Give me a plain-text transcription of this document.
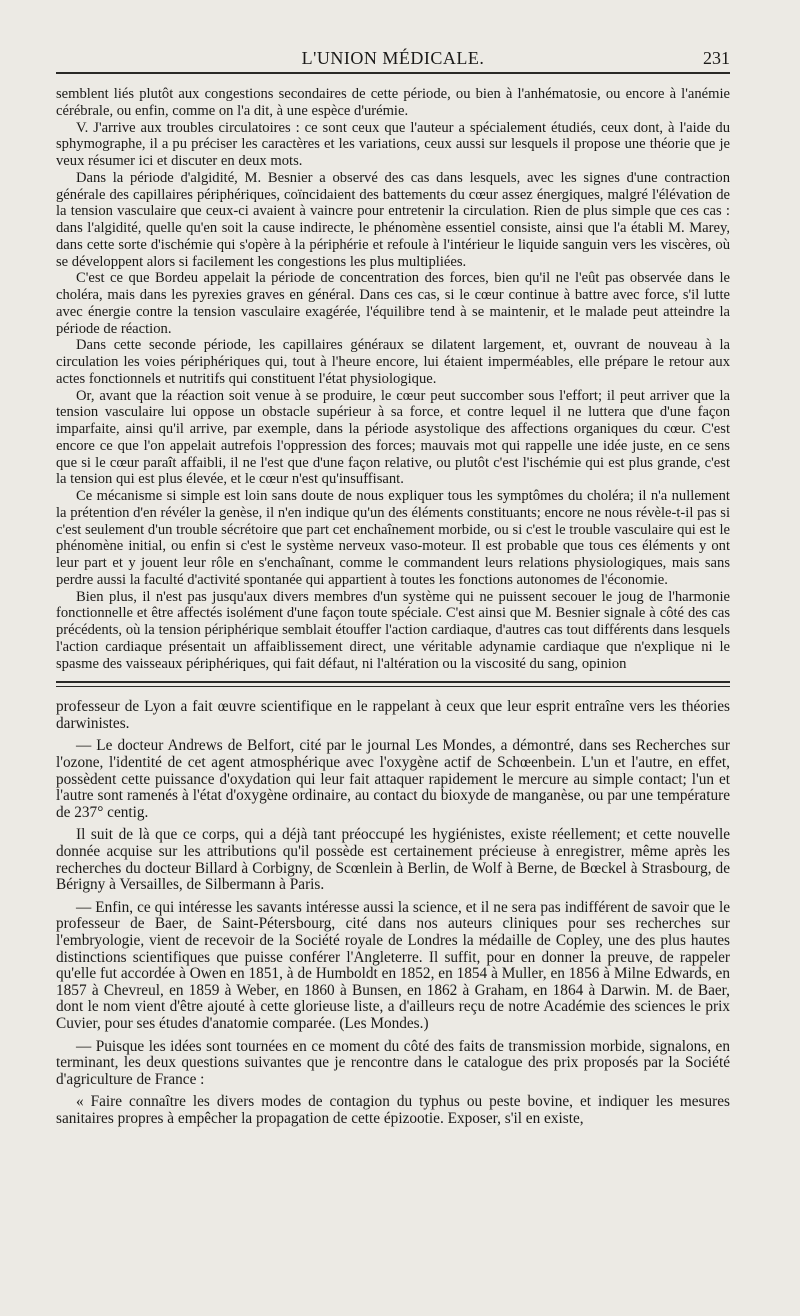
L'UNION MÉDICALE.	231

semblent liés plutôt aux congestions secondaires de cette période, ou bien à l'anhématosie, ou encore à l'anémie cérébrale, ou enfin, comme on l'a dit, à une espèce d'urémie.

V. J'arrive aux troubles circulatoires : ce sont ceux que l'auteur a spécialement étudiés, ceux dont, à l'aide du sphymographe, il a pu préciser les caractères et les variations, ceux aussi sur lesquels il propose une théorie que je veux résumer ici et discuter en deux mots.

Dans la période d'algidité, M. Besnier a observé des cas dans lesquels, avec les signes d'une contraction générale des capillaires périphériques, coïncidaient des battements du cœur assez énergiques, malgré l'élévation de la tension vasculaire que ceux-ci avaient à vaincre pour entretenir la circulation. Rien de plus simple que ces cas : dans l'algidité, quelle qu'en soit la cause indirecte, le phénomène essentiel consiste, ainsi que l'a établi M. Marey, dans cette sorte d'ischémie qui s'opère à la périphérie et refoule à l'intérieur le liquide sanguin vers les viscères, où se développent alors si facilement les congestions les plus multipliées.

C'est ce que Bordeu appelait la période de concentration des forces, bien qu'il ne l'eût pas observée dans le choléra, mais dans les pyrexies graves en général. Dans ces cas, si le cœur continue à battre avec force, s'il lutte avec énergie contre la tension vasculaire exagérée, l'équilibre tend à se maintenir, et le malade peut atteindre la période de réaction.

Dans cette seconde période, les capillaires généraux se dilatent largement, et, ouvrant de nouveau à la circulation les voies périphériques qui, tout à l'heure encore, lui étaient imperméables, elle prépare le retour aux actes fonctionnels et nutritifs qui constituent l'état physiologique.

Or, avant que la réaction soit venue à se produire, le cœur peut succomber sous l'effort; il peut arriver que la tension vasculaire lui oppose un obstacle supérieur à sa force, et contre lequel il ne luttera que d'une façon imparfaite, ainsi qu'il arrive, par exemple, dans la période asystolique des affections organiques du cœur. C'est encore ce que l'on appelait autrefois l'oppression des forces; mauvais mot qui rappelle une idée juste, en ce sens que si le cœur paraît affaibli, il ne l'est que d'une façon relative, ou plutôt c'est l'ischémie qui est plus grande, c'est la tension qui est plus élevée, et le cœur n'est qu'insuffisant.

Ce mécanisme si simple est loin sans doute de nous expliquer tous les symptômes du choléra; il n'a nullement la prétention d'en révéler la genèse, il n'en indique qu'un des éléments constituants; encore ne nous révèle-t-il pas si c'est seulement d'un trouble sécrétoire que part cet enchaînement morbide, ou si c'est le trouble vasculaire qui est le phénomène initial, ou enfin si c'est le système nerveux vaso-moteur. Il est probable que tous ces éléments y ont leur part et y jouent leur rôle en s'enchaînant, comme le commandent leurs relations physiologiques, mais sans perdre aussi la faculté d'activité spontanée qui appartient à toutes les fonctions autonomes de l'économie.

Bien plus, il n'est pas jusqu'aux divers membres d'un système qui ne puissent secouer le joug de l'harmonie fonctionnelle et être affectés isolément d'une façon toute spéciale. C'est ainsi que M. Besnier signale à côté des cas précédents, où la tension périphérique semblait étouffer l'action cardiaque, d'autres cas tout différents dans lesquels l'action cardiaque présentait un affaiblissement direct, une véritable adynamie cardiaque que n'explique ni le spasme des vaisseaux périphériques, qui fait défaut, ni l'altération ou la viscosité du sang, opinion

professeur de Lyon a fait œuvre scientifique en le rappelant à ceux que leur esprit entraîne vers les théories darwinistes.

— Le docteur Andrews de Belfort, cité par le journal Les Mondes, a démontré, dans ses Recherches sur l'ozone, l'identité de cet agent atmosphérique avec l'oxygène actif de Schœenbein. L'un et l'autre, en effet, possèdent cette puissance d'oxydation qui leur fait attaquer rapidement le mercure au simple contact; l'un et l'autre sont ramenés à l'état d'oxygène ordinaire, au contact du bioxyde de manganèse, ou par une température de 237° centig.

Il suit de là que ce corps, qui a déjà tant préoccupé les hygiénistes, existe réellement; et cette nouvelle donnée acquise sur les attributions qu'il possède est certainement précieuse à enregistrer, même après les recherches du docteur Billard à Corbigny, de Scœnlein à Berlin, de Wolf à Berne, de Bœckel à Strasbourg, de Bérigny à Versailles, de Silbermann à Paris.

— Enfin, ce qui intéresse les savants intéresse aussi la science, et il ne sera pas indifférent de savoir que le professeur de Baer, de Saint-Pétersbourg, cité dans nos auteurs cliniques pour ses recherches sur l'embryologie, vient de recevoir de la Société royale de Londres la médaille de Copley, une des plus hautes distinctions scientifiques que puisse conférer l'Angleterre. Il suffit, pour en donner la preuve, de rappeler qu'elle fut accordée à Owen en 1851, à de Humboldt en 1852, en 1854 à Muller, en 1856 à Milne Edwards, en 1857 à Chevreul, en 1859 à Weber, en 1860 à Bunsen, en 1862 à Graham, en 1864 à Darwin. M. de Baer, dont le nom vient d'être ajouté à cette glorieuse liste, a d'ailleurs reçu de notre Académie des sciences le prix Cuvier, pour ses études d'anatomie comparée. (Les Mondes.)

— Puisque les idées sont tournées en ce moment du côté des faits de transmission morbide, signalons, en terminant, les deux questions suivantes que je rencontre dans le catalogue des prix proposés par la Société d'agriculture de France :

« Faire connaître les divers modes de contagion du typhus ou peste bovine, et indiquer les mesures sanitaires propres à empêcher la propagation de cette épizootie. Exposer, s'il en existe,
